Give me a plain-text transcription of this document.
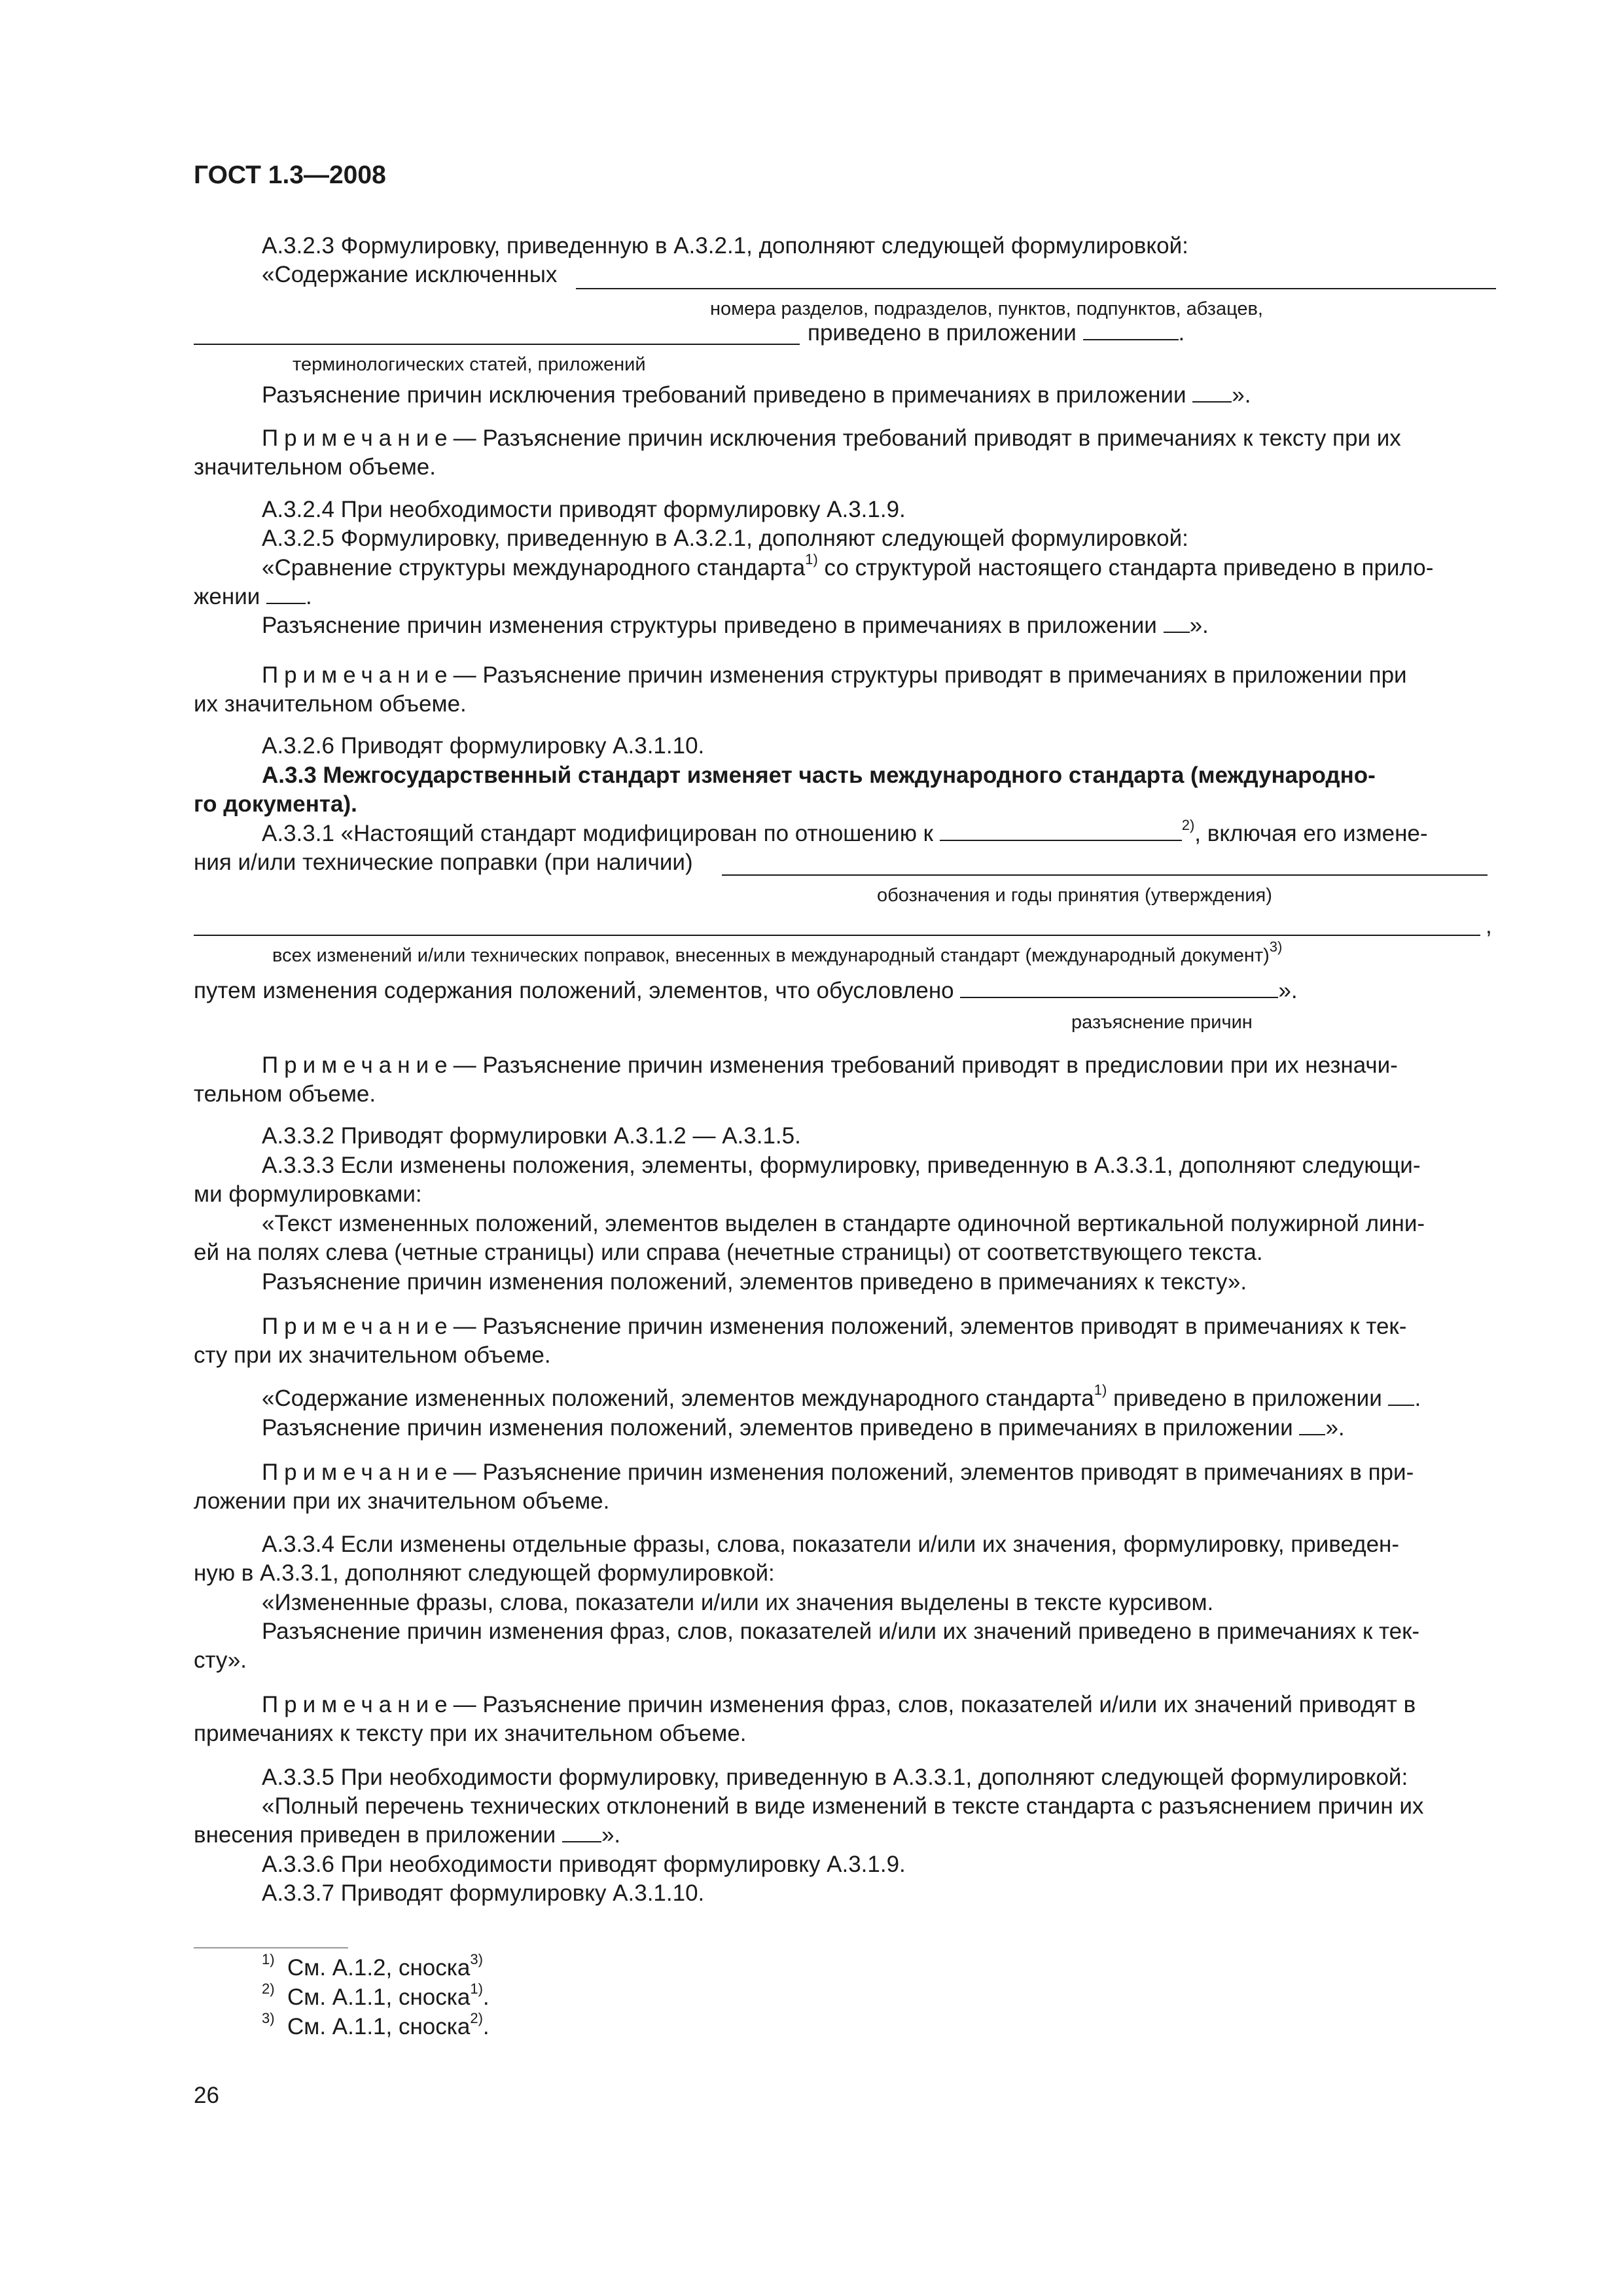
ГОСТ 1.3—2008
А.3.2.3 Формулировку, приведенную в А.3.2.1, дополняют следующей формулировкой:
«Содержание исключенных
номера разделов, подразделов, пунктов, подпунктов, абзацев,
приведено в приложении	.
терминологических статей, приложений
Разъяснение причин исключения требований приведено в примечаниях в приложении ».
Примечание— Разъяснение причин исключения требований приводят в примечаниях к тексту при их
значительном объеме.
А.3.2.4 При необходимости приводят формулировку А.3.1.9.
А.3.2.5 Формулировку, приведенную в А.3.2.1, дополняют следующей формулировкой:
«Сравнение структуры международного стандарта$^{1)}$ со структурой настоящего стандарта приведено в прило-
жении .
Разъяснение причин изменения структуры приведено в примечаниях в приложении ».
Примечание— Разъяснение причин изменения структуры приводят в примечаниях в приложении при
их значительном объеме.
А.3.2.6 Приводят формулировку А.3.1.10.
А.3.3 Межгосударственный стандарт изменяет часть международного стандарта (международно-
го документа).
А.3.3.1 «Настоящий стандарт модифицирован по отношению к	$^{2)}$, включая его измене-
ния и/или технические поправки (при наличии)
обозначения и годы принятия (утверждения)
,
всех изменений и/или технических поправок, внесенных в международный стандарт (международный документ)$^{3)}$
путем изменения содержания положений, элементов, что обусловлено	».
разъяснение причин
Примечание— Разъяснение причин изменения требований приводят в предисловии при их незначи-
тельном объеме.
А.3.3.2 Приводят формулировки А.3.1.2 — А.3.1.5.
А.3.3.3 Если изменены положения, элементы, формулировку, приведенную в А.3.3.1, дополняют следующи-
ми формулировками:
«Текст измененных положений, элементов выделен в стандарте одиночной вертикальной полужирной лини-
ей на полях слева (четные страницы) или справа (нечетные страницы) от соответствующего текста.
Разъяснение причин изменения положений, элементов приведено в примечаниях к тексту».
Примечание— Разъяснение причин изменения положений, элементов приводят в примечаниях к тек-
сту при их значительном объеме.
«Содержание измененных положений, элементов международного стандарта$^{1)}$ приведено в приложении .
Разъяснение причин изменения положений, элементов приведено в примечаниях в приложении ».
Примечание— Разъяснение причин изменения положений, элементов приводят в примечаниях в при-
ложении при их значительном объеме.
А.3.3.4 Если изменены отдельные фразы, слова, показатели и/или их значения, формулировку, приведен-
ную в А.3.3.1, дополняют следующей формулировкой:
«Измененные фразы, слова, показатели и/или их значения выделены в тексте курсивом.
Разъяснение причин изменения фраз, слов, показателей и/или их значений приведено в примечаниях к тек-
сту».
Примечание— Разъяснение причин изменения фраз, слов, показателей и/или их значений приводят в
примечаниях к тексту при их значительном объеме.
А.3.3.5 При необходимости формулировку, приведенную в А.3.3.1, дополняют следующей формулировкой:
«Полный перечень технических отклонений в виде изменений в тексте стандарта с разъяснением причин их
внесения приведен в приложении ».
А.3.3.6 При необходимости приводят формулировку А.3.1.9.
А.3.3.7 Приводят формулировку А.3.1.10.
$^{1)}$ См. А.1.2, сноска$^{3)}$
$^{2)}$ См. А.1.1, сноска$^{1)}$.
$^{3)}$ См. А.1.1, сноска$^{2)}$.
26
